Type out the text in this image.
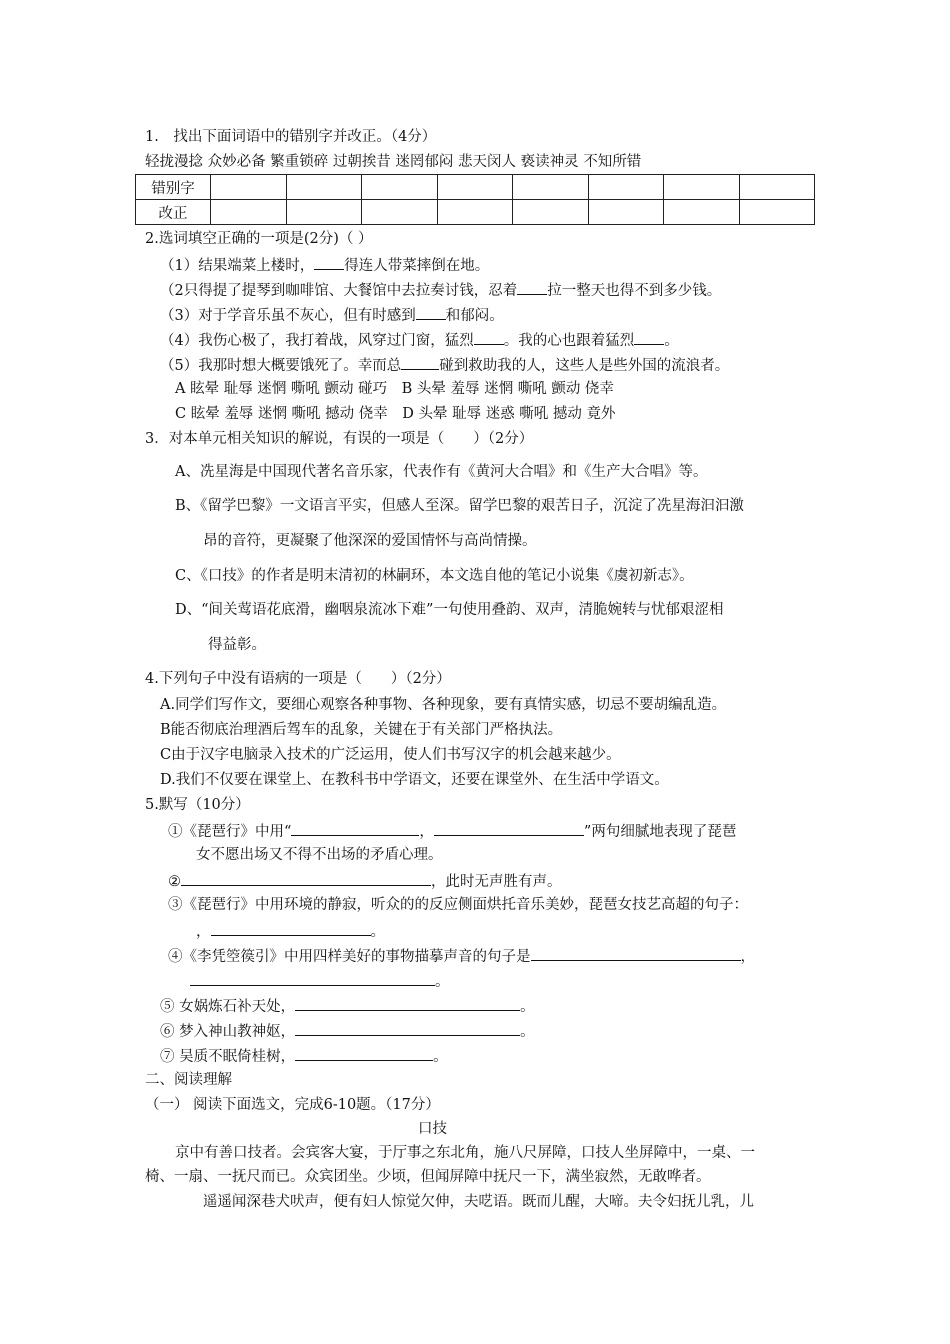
1.　找出下面词语中的错别字并改正。（4分）
轻拢漫捻 众妙必备 繁重锁碎 过朝挨昔 迷罔郁闷 悲天闵人 亵读神灵 不知所错
错别字								
改正								
2.选词填空正确的一项是(2分)（ ）
（1）结果端菜上楼时， 得连人带菜摔倒在地。
（2只得提了提琴到咖啡馆、大餐馆中去拉奏讨钱，忍着 拉一整天也得不到多少钱。
（3）对于学音乐虽不灰心，但有时感到 和郁闷。
（4）我伤心极了，我打着战，风穿过门窗，猛烈 。我的心也跟着猛烈 。
（5）我那时想大概要饿死了。幸而总	碰到救助我的人，这些人是些外国的流浪者。
A 眩晕 耻辱 迷惘 嘶吼 颤动 碰巧　B 头晕 羞辱 迷惘 嘶吼 颤动 侥幸
C 眩晕 羞辱 迷惘 嘶吼 撼动 侥幸　D 头晕 耻辱 迷惑 嘶吼 撼动 竟外
3．对本单元相关知识的解说，有误的一项是（　　）（2分）
A、冼星海是中国现代著名音乐家，代表作有《黄河大合唱》和《生产大合唱》等。
B、《留学巴黎》一文语言平实，但感人至深。留学巴黎的艰苦日子，沉淀了冼星海汩汩激
昂的音符，更凝聚了他深深的爱国情怀与高尚情操。
C、《口技》的作者是明末清初的林嗣环，本文选自他的笔记小说集《虞初新志》。
D、“间关莺语花底滑，幽咽泉流冰下难”一句使用叠韵、双声，清脆婉转与忧郁艰涩相
得益彰。
4.下列句子中没有语病的一项是（　　）（2分）
A.同学们写作文，要细心观察各种事物、各种现象，要有真情实感，切忌不要胡编乱造。
B能否彻底治理酒后驾车的乱象，关键在于有关部门严格执法。
C由于汉字电脑录入技术的广泛运用，使人们书写汉字的机会越来越少。
D.我们不仅要在课堂上、在教科书中学语文，还要在课堂外、在生活中学语文。
5.默写（10分）
①《琵琶行》中用“	，	”两句细腻地表现了琵琶
女不愿出场又不得不出场的矛盾心理。
②	，此时无声胜有声。
③《琵琶行》中用环境的静寂，听众的的反应侧面烘托音乐美妙，琵琶女技艺高超的句子：
，	。
④《李凭箜篌引》中用四样美好的事物描摹声音的句子是	，
。
⑤ 女娲炼石补天处，	。
⑥ 梦入神山教神妪，	。
⑦ 吴质不眠倚桂树，	。
二、阅读理解
（一） 阅读下面选文，完成6-10题。（17分）
口技
京中有善口技者。会宾客大宴，于厅事之东北角，施八尺屏障，口技人坐屏障中，一桌、一
椅、一扇、一抚尺而已。众宾团坐。少顷，但闻屏障中抚尺一下，满坐寂然，无敢哗者。
遥遥闻深巷犬吠声，便有妇人惊觉欠伸，夫呓语。既而儿醒，大啼。夫令妇抚儿乳，儿
